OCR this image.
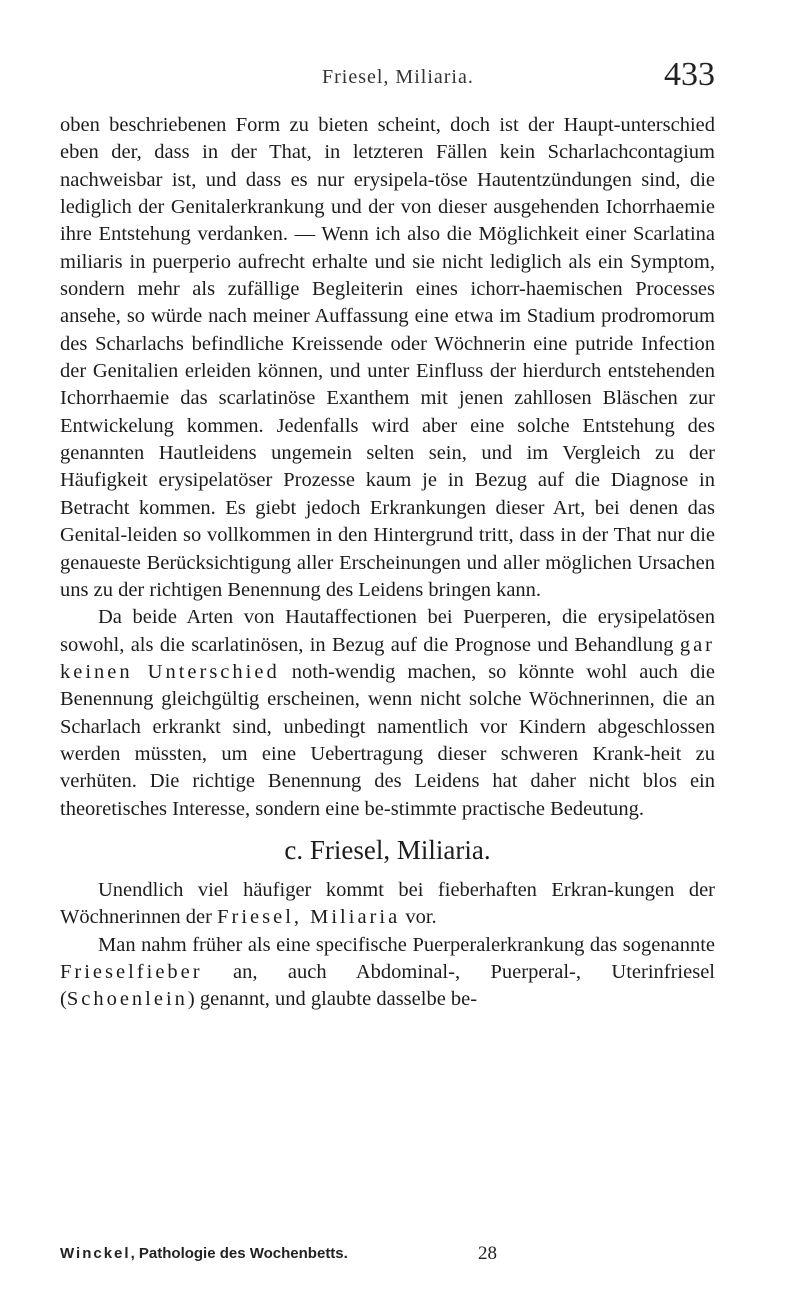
Friesel, Miliaria.	433

oben beschriebenen Form zu bieten scheint, doch ist der Haupt-unterschied eben der, dass in der That, in letzteren Fällen kein Scharlachcontagium nachweisbar ist, und dass es nur erysipela-töse Hautentzündungen sind, die lediglich der Genitalerkrankung und der von dieser ausgehenden Ichorrhaemie ihre Entstehung verdanken. — Wenn ich also die Möglichkeit einer Scarlatina miliaris in puerperio aufrecht erhalte und sie nicht lediglich als ein Symptom, sondern mehr als zufällige Begleiterin eines ichorr-haemischen Processes ansehe, so würde nach meiner Auffassung eine etwa im Stadium prodromorum des Scharlachs befindliche Kreissende oder Wöchnerin eine putride Infection der Genitalien erleiden können, und unter Einfluss der hierdurch entstehenden Ichorrhaemie das scarlatinöse Exanthem mit jenen zahllosen Bläschen zur Entwickelung kommen. Jedenfalls wird aber eine solche Entstehung des genannten Hautleidens ungemein selten sein, und im Vergleich zu der Häufigkeit erysipelatöser Prozesse kaum je in Bezug auf die Diagnose in Betracht kommen. Es giebt jedoch Erkrankungen dieser Art, bei denen das Genital-leiden so vollkommen in den Hintergrund tritt, dass in der That nur die genaueste Berücksichtigung aller Erscheinungen und aller möglichen Ursachen uns zu der richtigen Benennung des Leidens bringen kann.

Da beide Arten von Hautaffectionen bei Puerperen, die erysipelatösen sowohl, als die scarlatinösen, in Bezug auf die Prognose und Behandlung gar keinen Unterschied noth-wendig machen, so könnte wohl auch die Benennung gleichgültig erscheinen, wenn nicht solche Wöchnerinnen, die an Scharlach erkrankt sind, unbedingt namentlich vor Kindern abgeschlossen werden müssten, um eine Uebertragung dieser schweren Krank-heit zu verhüten. Die richtige Benennung des Leidens hat daher nicht blos ein theoretisches Interesse, sondern eine be-stimmte practische Bedeutung.

c. Friesel, Miliaria.

Unendlich viel häufiger kommt bei fieberhaften Erkran-kungen der Wöchnerinnen der Friesel, Miliaria vor.

Man nahm früher als eine specifische Puerperalerkrankung das sogenannte Frieselfieber an, auch Abdominal-, Puerperal-, Uterinfriesel (Schoenlein) genannt, und glaubte dasselbe be-

Winckel, Pathologie des Wochenbetts.	28
